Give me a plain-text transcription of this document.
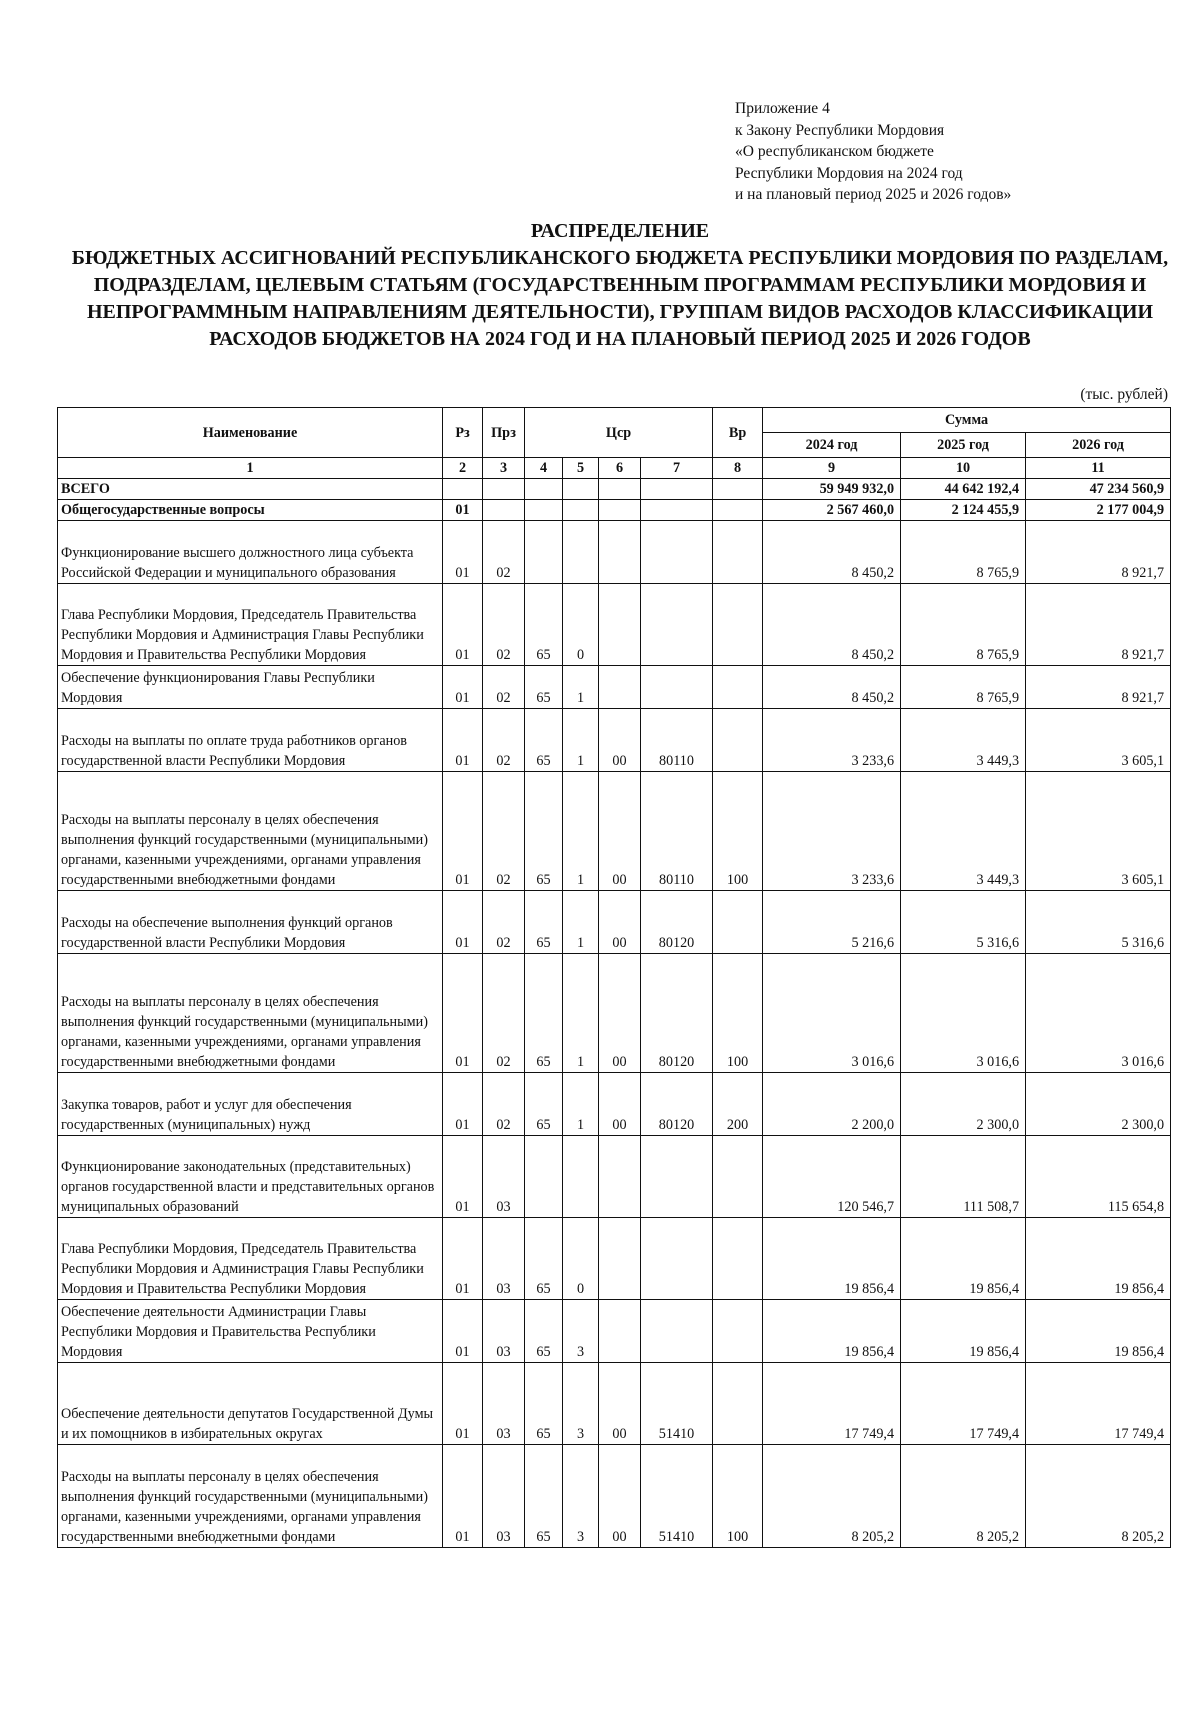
Приложение 4
к Закону Республики Мордовия
«О республиканском бюджете
Республики Мордовия на 2024 год
и на плановый период 2025 и 2026 годов»
РАСПРЕДЕЛЕНИЕ
БЮДЖЕТНЫХ АССИГНОВАНИЙ РЕСПУБЛИКАНСКОГО БЮДЖЕТА РЕСПУБЛИКИ МОРДОВИЯ ПО РАЗДЕЛАМ, ПОДРАЗДЕЛАМ, ЦЕЛЕВЫМ СТАТЬЯМ (ГОСУДАРСТВЕННЫМ ПРОГРАММАМ РЕСПУБЛИКИ МОРДОВИЯ И НЕПРОГРАММНЫМ НАПРАВЛЕНИЯМ ДЕЯТЕЛЬНОСТИ), ГРУППАМ ВИДОВ РАСХОДОВ КЛАССИФИКАЦИИ РАСХОДОВ БЮДЖЕТОВ НА 2024 ГОД И НА ПЛАНОВЫЙ ПЕРИОД 2025 И 2026 ГОДОВ
(тыс. рублей)
Наименование	Рз	Прз	Цср				Вр	Сумма		
								2024 год	2025 год	2026 год
1	2	3	4	5	6	7	8	9	10	11
ВСЕГО								59 949 932,0	44 642 192,4	47 234 560,9
Общегосударственные вопросы	01							2 567 460,0	2 124 455,9	2 177 004,9
Функционирование высшего должностного лица субъекта Российской Федерации и муниципального образования	01	02						8 450,2	8 765,9	8 921,7
Глава Республики Мордовия, Председатель Правительства Республики Мордовия и Администрация Главы Республики Мордовия и Правительства Республики Мордовия	01	02	65	0				8 450,2	8 765,9	8 921,7
Обеспечение функционирования Главы Республики Мордовия	01	02	65	1				8 450,2	8 765,9	8 921,7
Расходы на выплаты по оплате труда работников органов государственной власти Республики Мордовия	01	02	65	1	00	80110		3 233,6	3 449,3	3 605,1
Расходы на выплаты персоналу в целях обеспечения выполнения функций государственными (муниципальными) органами, казенными учреждениями, органами управления государственными внебюджетными фондами	01	02	65	1	00	80110	100	3 233,6	3 449,3	3 605,1
Расходы на обеспечение выполнения функций органов государственной власти Республики Мордовия	01	02	65	1	00	80120		5 216,6	5 316,6	5 316,6
Расходы на выплаты персоналу в целях обеспечения выполнения функций государственными (муниципальными) органами, казенными учреждениями, органами управления государственными внебюджетными фондами	01	02	65	1	00	80120	100	3 016,6	3 016,6	3 016,6
Закупка товаров, работ и услуг для обеспечения государственных (муниципальных) нужд	01	02	65	1	00	80120	200	2 200,0	2 300,0	2 300,0
Функционирование законодательных (представительных) органов государственной власти и представительных органов муниципальных образований	01	03						120 546,7	111 508,7	115 654,8
Глава Республики Мордовия, Председатель Правительства Республики Мордовия и Администрация Главы Республики Мордовия и Правительства Республики Мордовия	01	03	65	0				19 856,4	19 856,4	19 856,4
Обеспечение деятельности Администрации Главы Республики Мордовия и Правительства Республики Мордовия	01	03	65	3				19 856,4	19 856,4	19 856,4
Обеспечение деятельности депутатов Государственной Думы и их помощников в избирательных округах	01	03	65	3	00	51410		17 749,4	17 749,4	17 749,4
Расходы на выплаты персоналу в целях обеспечения выполнения функций государственными (муниципальными) органами, казенными учреждениями, органами управления государственными внебюджетными фондами	01	03	65	3	00	51410	100	8 205,2	8 205,2	8 205,2
